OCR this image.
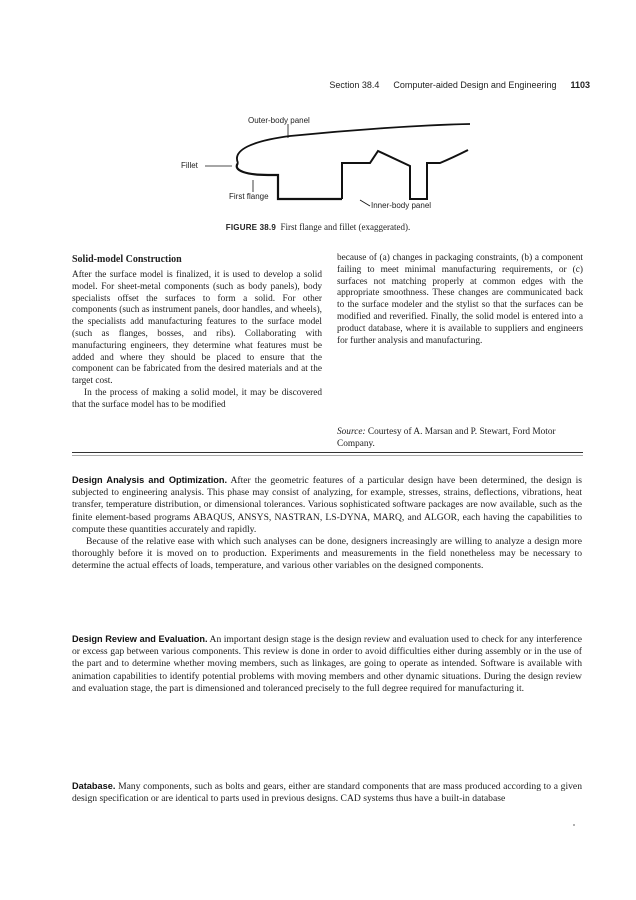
Section 38.4 Computer-aided Design and Engineering 1103
Outer-body panel
Fillet
First flange
Inner-body panel
FIGURE 38.9 First flange and fillet (exaggerated).
Solid-model Construction

After the surface model is finalized, it is used to develop a solid model. For sheet-metal components (such as body panels), body specialists offset the surfaces to form a solid. For other components (such as instrument panels, door handles, and wheels), the specialists add manufacturing features to the surface model (such as flanges, bosses, and ribs). Collaborating with manufacturing engineers, they determine what features must be added and where they should be placed to ensure that the component can be fabricated from the desired materials and at the target cost.

In the process of making a solid model, it may be discovered that the surface model has to be modified

because of (a) changes in packaging constraints, (b) a component failing to meet minimal manufacturing requirements, or (c) surfaces not matching properly at common edges with the appropriate smoothness. These changes are communicated back to the surface modeler and the stylist so that the surfaces can be modified and reverified. Finally, the solid model is entered into a product database, where it is available to suppliers and engineers for further analysis and manufacturing.

Source: Courtesy of A. Marsan and P. Stewart, Ford Motor Company.

Design Analysis and Optimization. After the geometric features of a particular design have been determined, the design is subjected to engineering analysis. This phase may consist of analyzing, for example, stresses, strains, deflections, vibrations, heat transfer, temperature distribution, or dimensional tolerances. Various sophisticated software packages are now available, such as the finite element-based programs ABAQUS, ANSYS, NASTRAN, LS-DYNA, MARQ, and ALGOR, each having the capabilities to compute these quantities accurately and rapidly.

Because of the relative ease with which such analyses can be done, designers increasingly are willing to analyze a design more thoroughly before it is moved on to production. Experiments and measurements in the field nonetheless may be necessary to determine the actual effects of loads, temperature, and various other variables on the designed components.

Design Review and Evaluation. An important design stage is the design review and evaluation used to check for any interference or excess gap between various components. This review is done in order to avoid difficulties either during assembly or in the use of the part and to determine whether moving members, such as linkages, are going to operate as intended. Software is available with animation capabilities to identify potential problems with moving members and other dynamic situations. During the design review and evaluation stage, the part is dimensioned and toleranced precisely to the full degree required for manufacturing it.

Database. Many components, such as bolts and gears, either are standard components that are mass produced according to a given design specification or are identical to parts used in previous designs. CAD systems thus have a built-in database
